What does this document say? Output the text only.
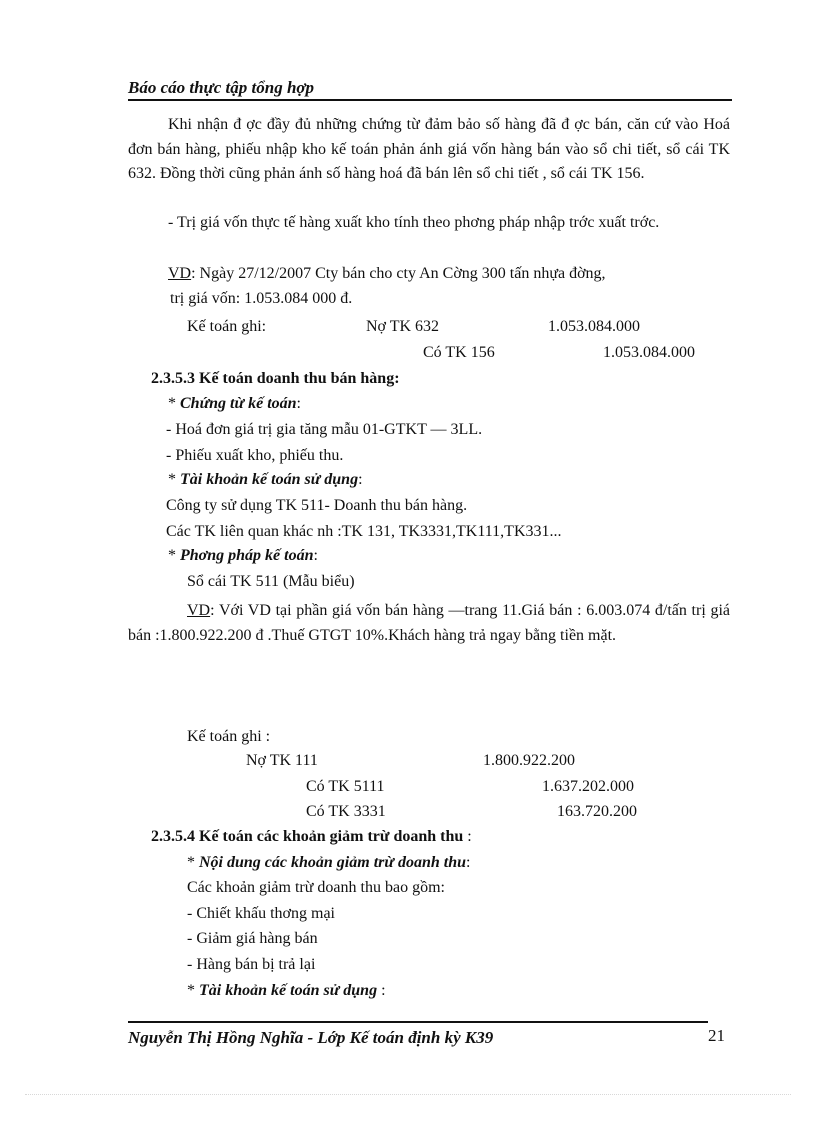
Báo cáo thực tập tổng hợp
Khi nhận đ ợc đầy đủ những chứng từ đảm bảo số hàng đã đ ợc bán, căn cứ vào Hoá đơn bán hàng, phiếu nhập kho kế toán phản ánh giá vốn hàng bán vào sổ chi tiết, sổ cái TK 632. Đồng thời cũng phản ánh số hàng hoá đã bán lên sổ chi tiết , sổ cái TK 156.
- Trị giá vốn thực tế hàng xuất kho tính theo phơng pháp nhập trớc xuất trớc.
VD: Ngày 27/12/2007 Cty bán cho cty An Cờng 300 tấn nhựa đờng,
trị giá vốn: 1.053.084 000 đ.
Kế toán ghi:	Nợ TK 632	1.053.084.000
Có TK 156	1.053.084.000
2.3.5.3 Kế toán doanh thu bán hàng:
* Chứng từ kế toán:
- Hoá đơn giá trị gia tăng mẫu 01-GTKT — 3LL.
- Phiếu xuất kho, phiếu thu.
* Tài khoản kế toán sử dụng:
Công ty sử dụng TK 511- Doanh thu bán hàng.
Các TK liên quan khác nh :TK 131, TK3331,TK111,TK331...
* Phơng pháp kế toán:
Sổ cái TK 511 (Mẫu biểu)
VD: Với VD tại phần giá vốn bán hàng —trang 11.Giá bán : 6.003.074 đ/tấn trị giá bán :1.800.922.200 đ .Thuế GTGT 10%.Khách hàng trả ngay bằng tiền mặt.
Kế toán ghi :
Nợ TK 111	1.800.922.200
Có TK 5111	1.637.202.000
Có TK 3331	163.720.200
2.3.5.4 Kế toán các khoản giảm trừ doanh thu :
* Nội dung các khoản giảm trừ doanh thu:
Các khoản giảm trừ doanh thu bao gồm:
- Chiết khấu thơng mại
- Giảm giá hàng bán
- Hàng bán bị trả lại
* Tài khoản kế toán sử dụng :
Nguyễn Thị Hồng Nghĩa - Lớp Kế toán định kỳ K39	21
